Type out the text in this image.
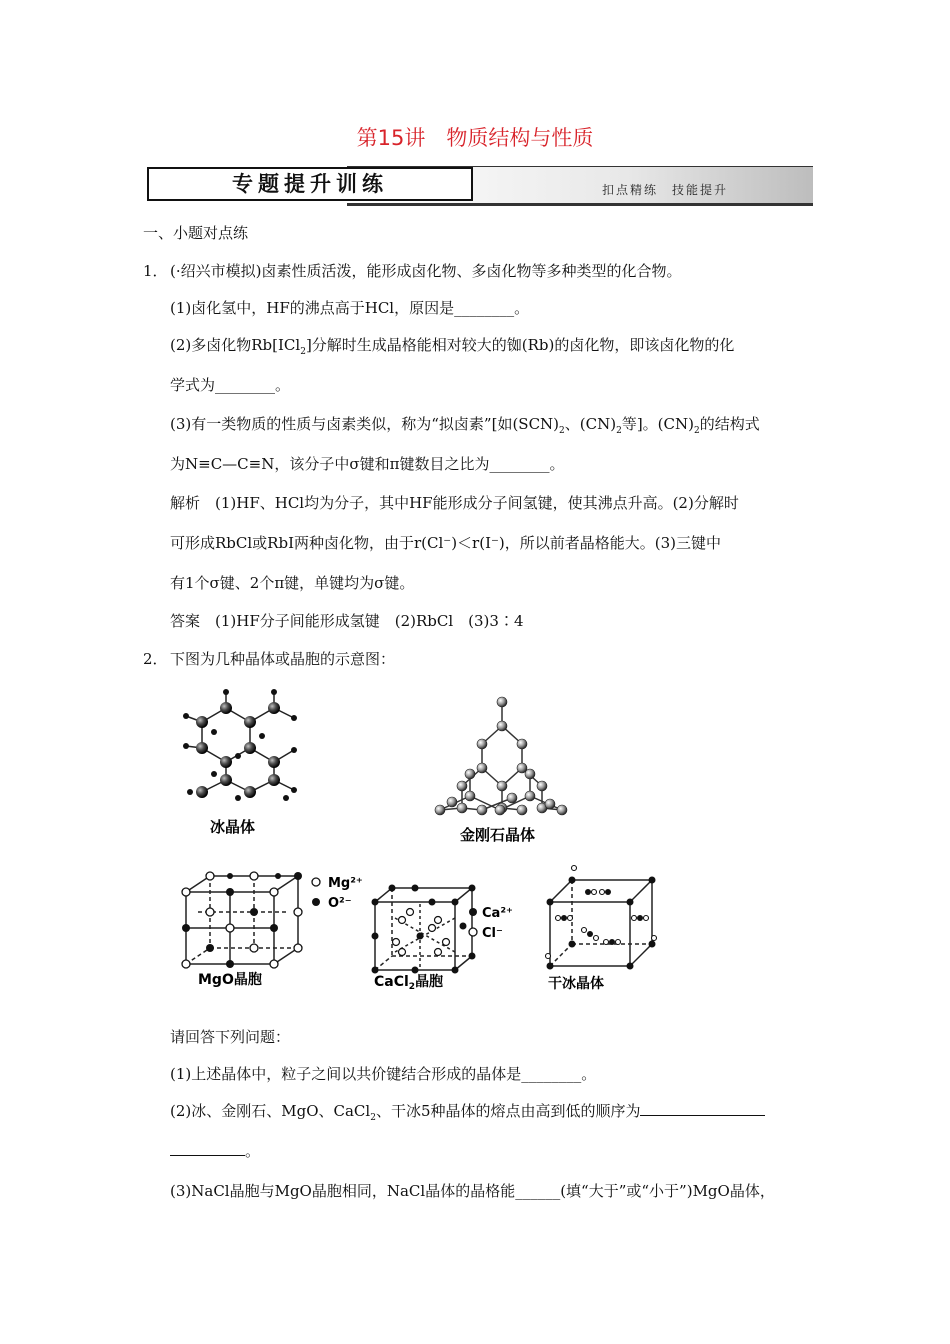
第15讲　物质结构与性质
扣点精练　技能提升
专题提升训练
一、小题对点练
1． (·绍兴市模拟)卤素性质活泼，能形成卤化物、多卤化物等多种类型的化合物。
(1)卤化氢中，HF的沸点高于HCl，原因是________。
(2)多卤化物Rb[ICl$_2$]分解时生成晶格能相对较大的铷(Rb)的卤化物，即该卤化物的化
学式为________。
(3)有一类物质的性质与卤素类似，称为“拟卤素”[如$(SCN)_2$、$(CN)_2$等]。$(CN)_2$的结构式
为N≡C—C≡N，该分子中σ键和π键数目之比为________。
解析　(1)HF、HCl均为分子，其中HF能形成分子间氢键，使其沸点升高。(2)分解时
可形成RbCl或RbI两种卤化物，由于r(Cl⁻)＜r(I⁻)，所以前者晶格能大。(3)三键中
有1个σ键、2个π键，单键均为σ键。
答案　(1)HF分子间能形成氢键　(2)RbCl　(3)3∶4
2． 下图为几种晶体或晶胞的示意图：
冰晶体	金刚石晶体
Mg²⁺
O²⁻
MgO晶胞
Ca²⁺
Cl⁻
CaCl$_2$晶胞	干冰晶体
请回答下列问题：
(1)上述晶体中，粒子之间以共价键结合形成的晶体是________。
(2)冰、金刚石、MgO、CaCl$_2$、干冰5种晶体的熔点由高到低的顺序为
。
(3)NaCl晶胞与MgO晶胞相同，NaCl晶体的晶格能______(填“大于”或“小于”)MgO晶体，
